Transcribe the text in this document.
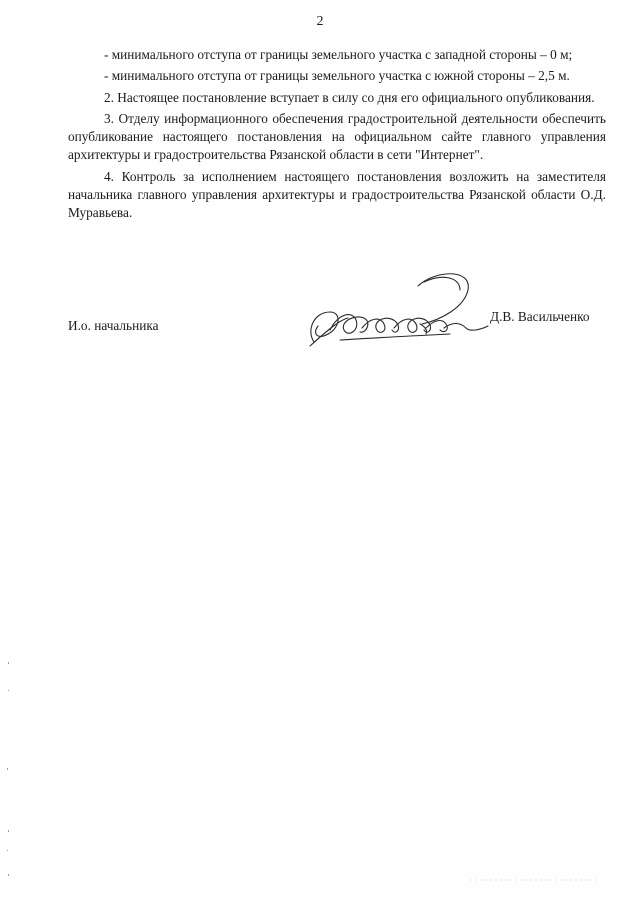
2

- минимального отступа от границы земельного участка с западной стороны – 0 м;

- минимального отступа от границы земельного участка с южной стороны – 2,5 м.

2. Настоящее постановление вступает в силу со дня его официального опубликования.

3. Отделу информационного обеспечения градостроительной деятельности обеспечить опубликование настоящего постановления на официальном сайте главного управления архитектуры и градостроительства Рязанской области в сети "Интернет".

4. Контроль за исполнением настоящего постановления возложить на заместителя начальника главного управления архитектуры и градостроительства Рязанской области О.Д. Муравьева.

И.о. начальника
Д.В. Васильченко
